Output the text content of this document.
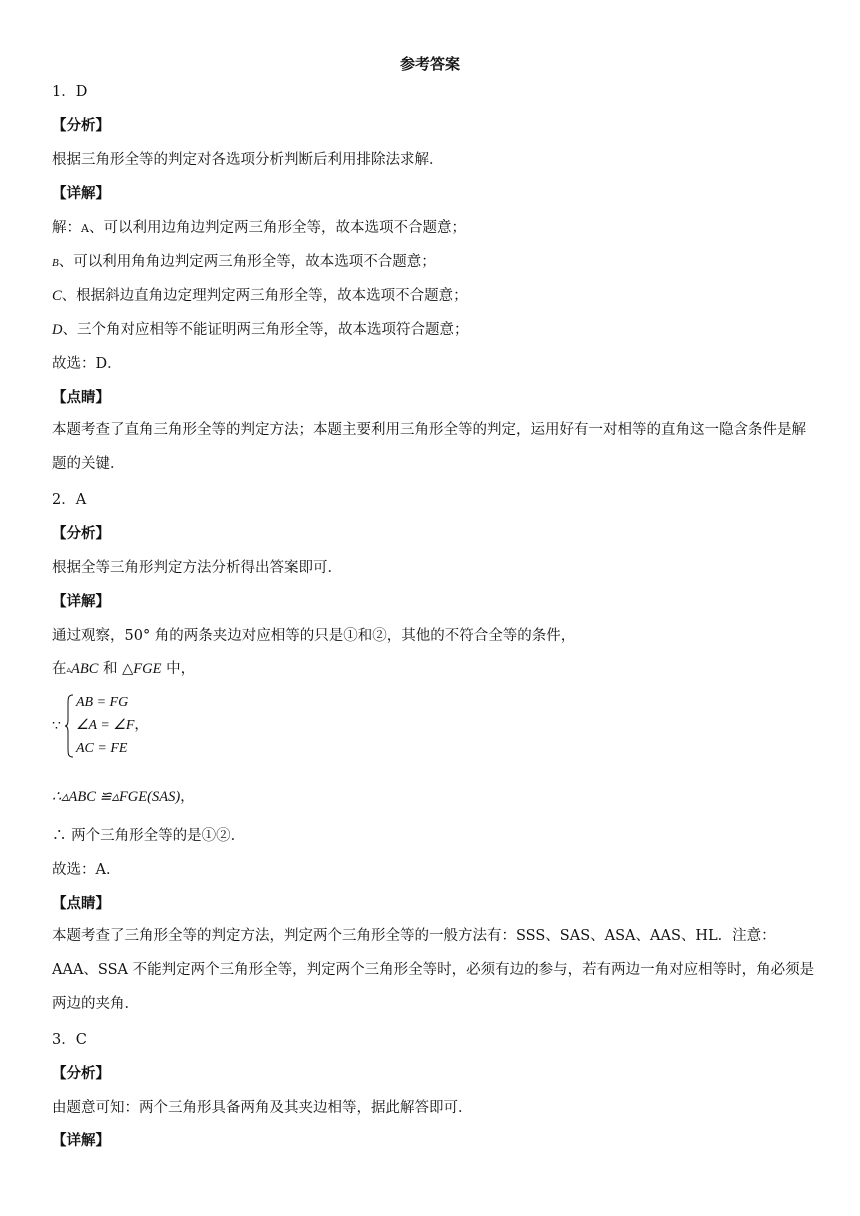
参考答案
1．D
【分析】
根据三角形全等的判定对各选项分析判断后利用排除法求解．
【详解】
解：A、可以利用边角边判定两三角形全等，故本选项不合题意；
B、可以利用角角边判定两三角形全等，故本选项不合题意；
C、根据斜边直角边定理判定两三角形全等，故本选项不合题意；
D、三个角对应相等不能证明两三角形全等，故本选项符合题意；
故选：D．
【点睛】
本题考查了直角三角形全等的判定方法；本题主要利用三角形全等的判定，运用好有一对相等的直角这一隐含条件是解题的关键．
2．A
【分析】
根据全等三角形判定方法分析得出答案即可．
【详解】
通过观察，50° 角的两条夹边对应相等的只是①和②，其他的不符合全等的条件，
在▵ABC 和 △FGE 中，
∵
AB = FG
∠A = ∠F，
AC = FE
∴▵ABC ≌▵FGE(SAS)，
∴ 两个三角形全等的是①②．
故选：A．
【点睛】
本题考查了三角形全等的判定方法，判定两个三角形全等的一般方法有：SSS、SAS、ASA、AAS、HL．注意：AAA、SSA 不能判定两个三角形全等，判定两个三角形全等时，必须有边的参与，若有两边一角对应相等时，角必须是两边的夹角．
3．C
【分析】
由题意可知：两个三角形具备两角及其夹边相等，据此解答即可．
【详解】
